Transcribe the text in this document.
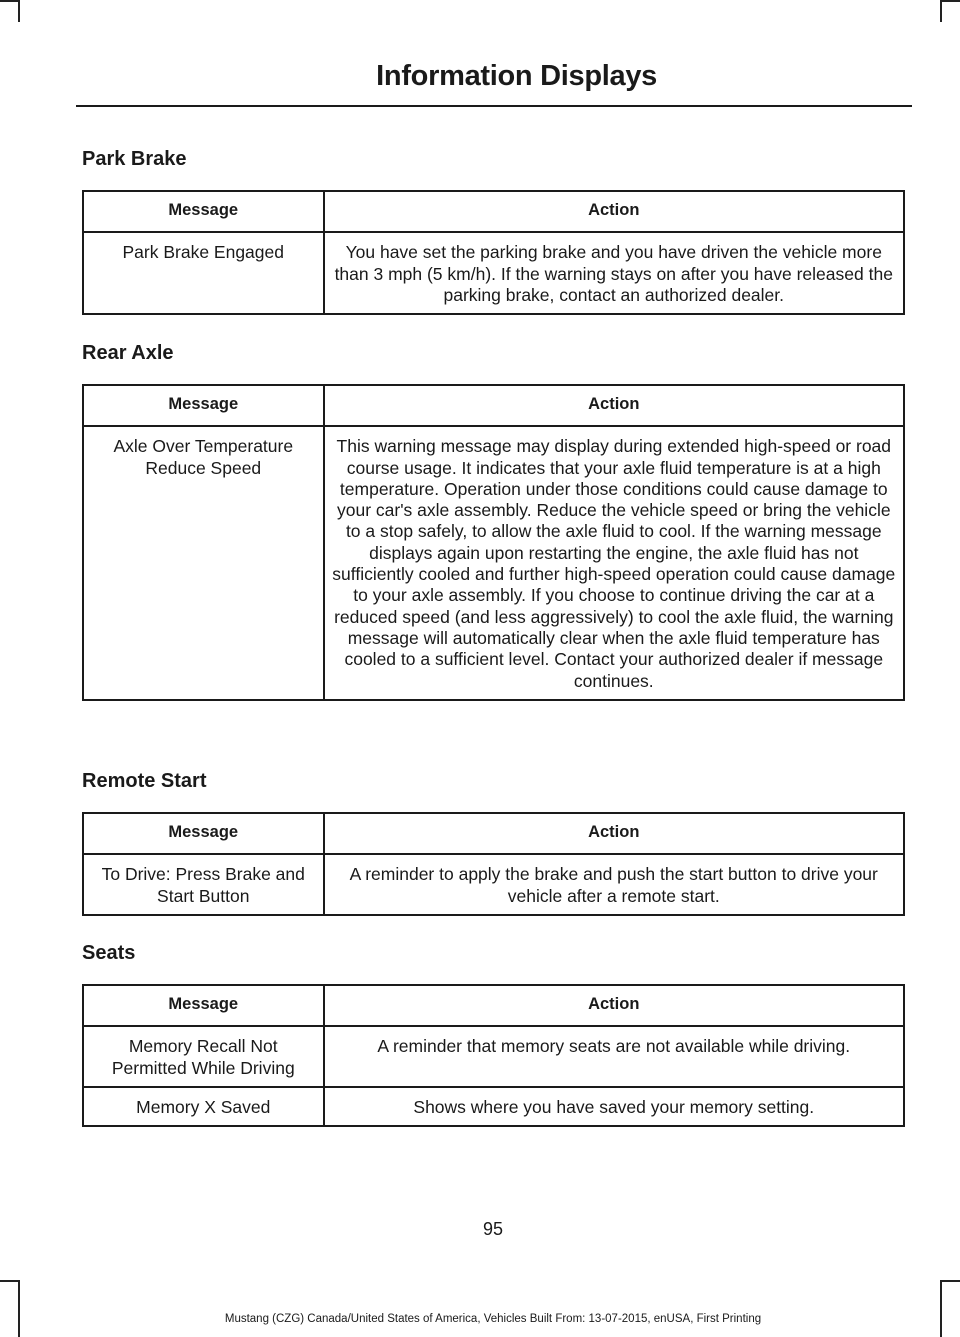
Information Displays
Park Brake
Message	Action
Park Brake Engaged	You have set the parking brake and you have driven the vehicle more than 3 mph (5 km/h). If the warning stays on after you have released the parking brake, contact an authorized dealer.
Rear Axle
Message	Action
Axle Over Temperature Reduce Speed	This warning message may display during extended high-speed or road course usage. It indicates that your axle fluid temperature is at a high temperature. Operation under those conditions could cause damage to your car's axle assembly. Reduce the vehicle speed or bring the vehicle to a stop safely, to allow the axle fluid to cool. If the warning message displays again upon restarting the engine, the axle fluid has not sufficiently cooled and further high-speed operation could cause damage to your axle assembly. If you choose to continue driving the car at a reduced speed (and less aggressively) to cool the axle fluid, the warning message will automatically clear when the axle fluid temperature has cooled to a sufficient level. Contact your authorized dealer if message continues.
Remote Start
Message	Action
To Drive: Press Brake and Start Button	A reminder to apply the brake and push the start button to drive your vehicle after a remote start.
Seats
Message	Action
Memory Recall Not Permitted While Driving	A reminder that memory seats are not available while driving.
Memory X Saved	Shows where you have saved your memory setting.
95
Mustang (CZG) Canada/United States of America, Vehicles Built From: 13-07-2015, enUSA, First Printing
